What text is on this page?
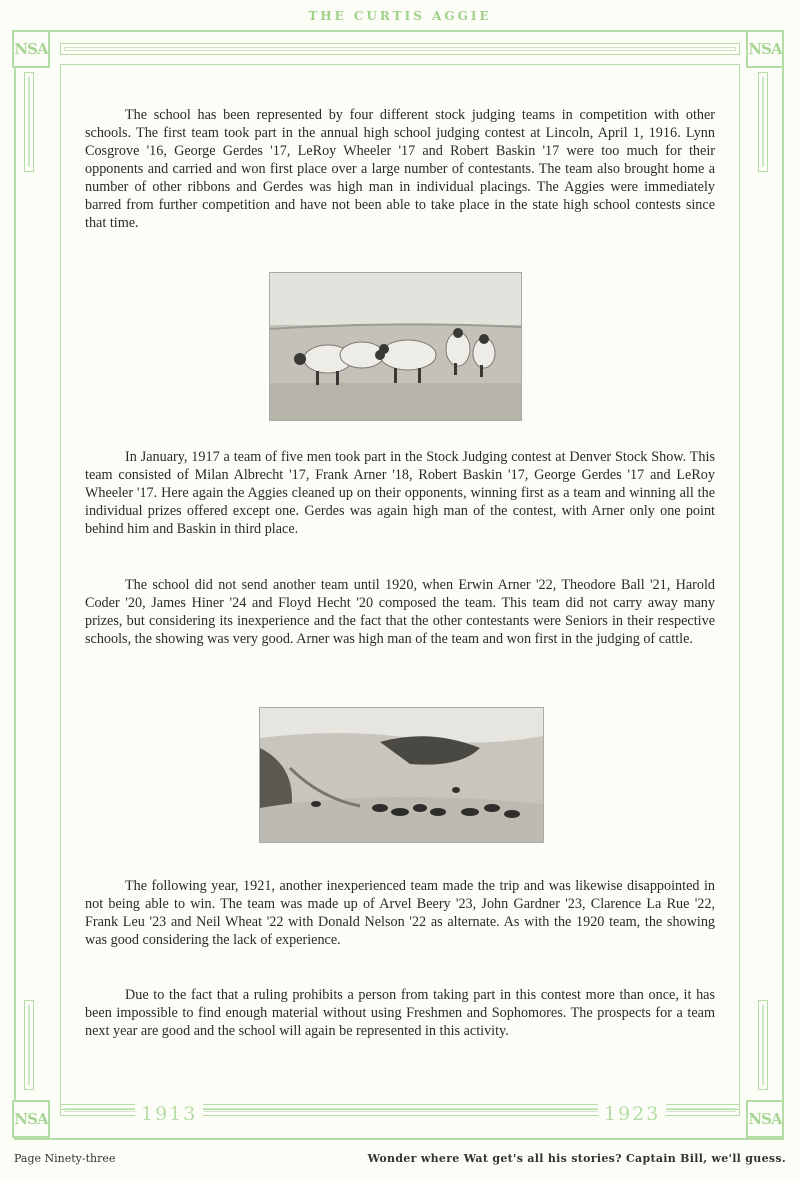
THE CURTIS AGGIE
NSA	NSA
NSA	NSA
1913	1923
The school has been represented by four different stock judging teams in competition with other schools. The first team took part in the annual high school judging contest at Lincoln, April 1, 1916. Lynn Cosgrove '16, George Gerdes '17, LeRoy Wheeler '17 and Robert Baskin '17 were too much for their opponents and carried and won first place over a large number of contestants. The team also brought home a number of other ribbons and Gerdes was high man in individual placings. The Aggies were immediately barred from further competition and have not been able to take place in the state high school contests since that time.
In January, 1917 a team of five men took part in the Stock Judging contest at Denver Stock Show. This team consisted of Milan Albrecht '17, Frank Arner '18, Robert Baskin '17, George Gerdes '17 and LeRoy Wheeler '17. Here again the Aggies cleaned up on their opponents, winning first as a team and winning all the individual prizes offered except one. Gerdes was again high man of the contest, with Arner only one point behind him and Baskin in third place.
The school did not send another team until 1920, when Erwin Arner '22, Theodore Ball '21, Harold Coder '20, James Hiner '24 and Floyd Hecht '20 composed the team. This team did not carry away many prizes, but considering its inexperience and the fact that the other contestants were Seniors in their respective schools, the showing was very good. Arner was high man of the team and won first in the judging of cattle.
The following year, 1921, another inexperienced team made the trip and was likewise disappointed in not being able to win. The team was made up of Arvel Beery '23, John Gardner '23, Clarence La Rue '22, Frank Leu '23 and Neil Wheat '22 with Donald Nelson '22 as alternate. As with the 1920 team, the showing was good considering the lack of experience.
Due to the fact that a ruling prohibits a person from taking part in this contest more than once, it has been impossible to find enough material without using Freshmen and Sophomores. The prospects for a team next year are good and the school will again be represented in this activity.
Page Ninety-three	Wonder where Wat get's all his stories? Captain Bill, we'll guess.
